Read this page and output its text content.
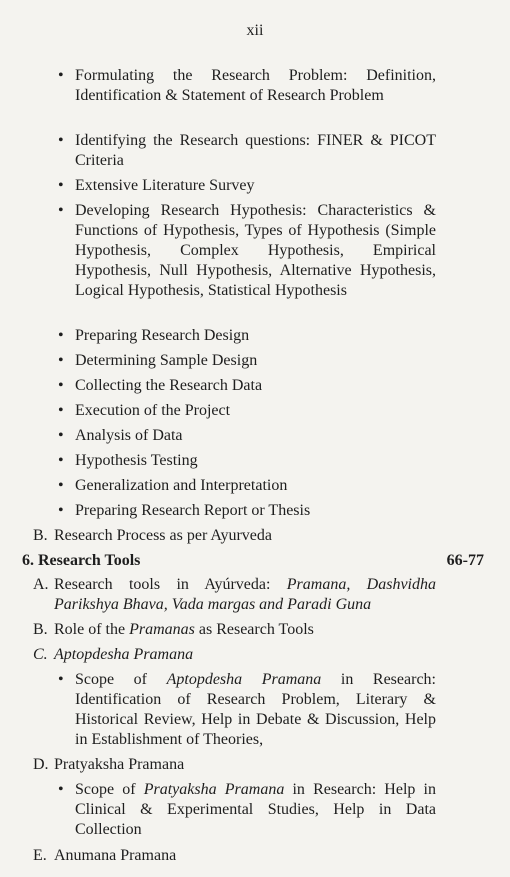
xii
• Formulating the Research Problem: Definition, Identification & Statement of Research Problem
• Identifying the Research questions: FINER & PICOT Criteria
• Extensive Literature Survey
• Developing Research Hypothesis: Characteristics & Functions of Hypothesis, Types of Hypothesis (Simple Hypothesis, Complex Hypothesis, Empirical Hypothesis, Null Hypothesis, Alternative Hypothesis, Logical Hypothesis, Statistical Hypothesis
• Preparing Research Design
• Determining Sample Design
• Collecting the Research Data
• Execution of the Project
• Analysis of Data
• Hypothesis Testing
• Generalization and Interpretation
• Preparing Research Report or Thesis
B. Research Process as per Ayurveda
6. Research Tools	66-77
A. Research tools in Ayúrveda: Pramana, Dashvidha Parikshya Bhava, Vada margas and Paradi Guna
B. Role of the Pramanas as Research Tools
C. Aptopdesha Pramana
• Scope of Aptopdesha Pramana in Research: Identification of Research Problem, Literary & Historical Review, Help in Debate & Discussion, Help in Establishment of Theories,
D. Pratyaksha Pramana
• Scope of Pratyaksha Pramana in Research: Help in Clinical & Experimental Studies, Help in Data Collection
E. Anumana Pramana
